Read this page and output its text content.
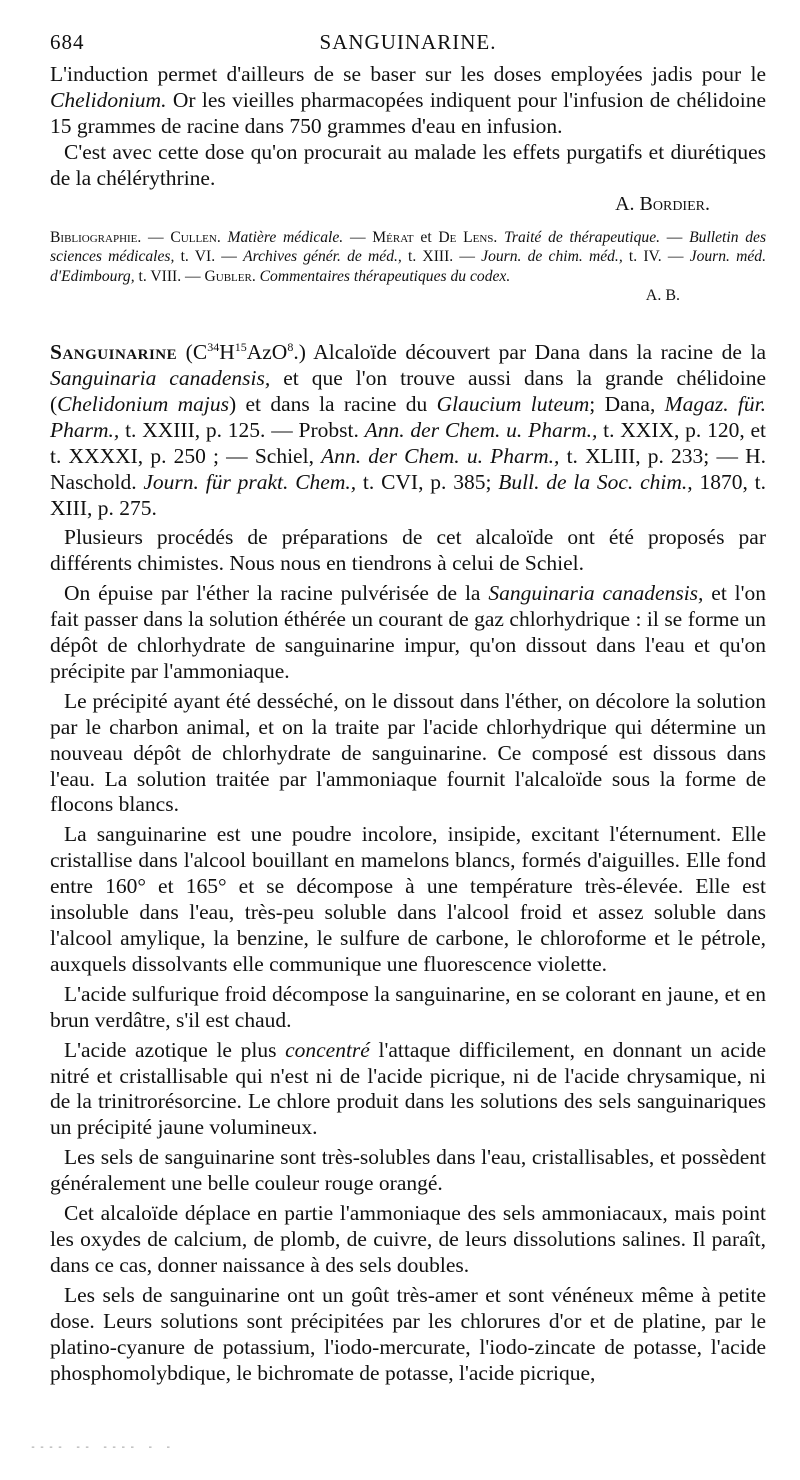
684	SANGUINARINE.

L'induction permet d'ailleurs de se baser sur les doses employées jadis pour le Chelidonium. Or les vieilles pharmacopées indiquent pour l'infusion de chélidoine 15 grammes de racine dans 750 grammes d'eau en infusion.

C'est avec cette dose qu'on procurait au malade les effets purgatifs et diurétiques de la chélérythrine.

A. Bordier.

Bibliographie. — Cullen. Matière médicale. — Mérat et De Lens. Traité de thérapeutique. — Bulletin des sciences médicales, t. VI. — Archives génér. de méd., t. XIII. — Journ. de chim. méd., t. IV. — Journ. méd. d'Edimbourg, t. VIII. — Gubler. Commentaires thérapeutiques du codex.

A. B.

Sanguinarine $(C^{34}H^{15}AzO^8.)$ Alcaloïde découvert par Dana dans la racine de la Sanguinaria canadensis, et que l'on trouve aussi dans la grande chélidoine (Chelidonium majus) et dans la racine du Glaucium luteum; Dana, Magaz. für. Pharm., t. XXIII, p. 125. — Probst. Ann. der Chem. u. Pharm., t. XXIX, p. 120, et t. XXXXI, p. 250 ; — Schiel, Ann. der Chem. u. Pharm., t. XLIII, p. 233; — H. Naschold. Journ. für prakt. Chem., t. CVI, p. 385; Bull. de la Soc. chim., 1870, t. XIII, p. 275.

Plusieurs procédés de préparations de cet alcaloïde ont été proposés par différents chimistes. Nous nous en tiendrons à celui de Schiel.

On épuise par l'éther la racine pulvérisée de la Sanguinaria canadensis, et l'on fait passer dans la solution éthérée un courant de gaz chlorhydrique : il se forme un dépôt de chlorhydrate de sanguinarine impur, qu'on dissout dans l'eau et qu'on précipite par l'ammoniaque.

Le précipité ayant été desséché, on le dissout dans l'éther, on décolore la solution par le charbon animal, et on la traite par l'acide chlorhydrique qui détermine un nouveau dépôt de chlorhydrate de sanguinarine. Ce composé est dissous dans l'eau. La solution traitée par l'ammoniaque fournit l'alcaloïde sous la forme de flocons blancs.

La sanguinarine est une poudre incolore, insipide, excitant l'éternument. Elle cristallise dans l'alcool bouillant en mamelons blancs, formés d'aiguilles. Elle fond entre 160° et 165° et se décompose à une température très-élevée. Elle est insoluble dans l'eau, très-peu soluble dans l'alcool froid et assez soluble dans l'alcool amylique, la benzine, le sulfure de carbone, le chloroforme et le pétrole, auxquels dissolvants elle communique une fluorescence violette.

L'acide sulfurique froid décompose la sanguinarine, en se colorant en jaune, et en brun verdâtre, s'il est chaud.

L'acide azotique le plus concentré l'attaque difficilement, en donnant un acide nitré et cristallisable qui n'est ni de l'acide picrique, ni de l'acide chrysamique, ni de la trinitrorésorcine. Le chlore produit dans les solutions des sels sanguinariques un précipité jaune volumineux.

Les sels de sanguinarine sont très-solubles dans l'eau, cristallisables, et possèdent généralement une belle couleur rouge orangé.

Cet alcaloïde déplace en partie l'ammoniaque des sels ammoniacaux, mais point les oxydes de calcium, de plomb, de cuivre, de leurs dissolutions salines. Il paraît, dans ce cas, donner naissance à des sels doubles.

Les sels de sanguinarine ont un goût très-amer et sont vénéneux même à petite dose. Leurs solutions sont précipitées par les chlorures d'or et de platine, par le platino-cyanure de potassium, l'iodo-mercurate, l'iodo-zincate de potasse, l'acide phosphomolybdique, le bichromate de potasse, l'acide picrique,

---- -- ---- - -
